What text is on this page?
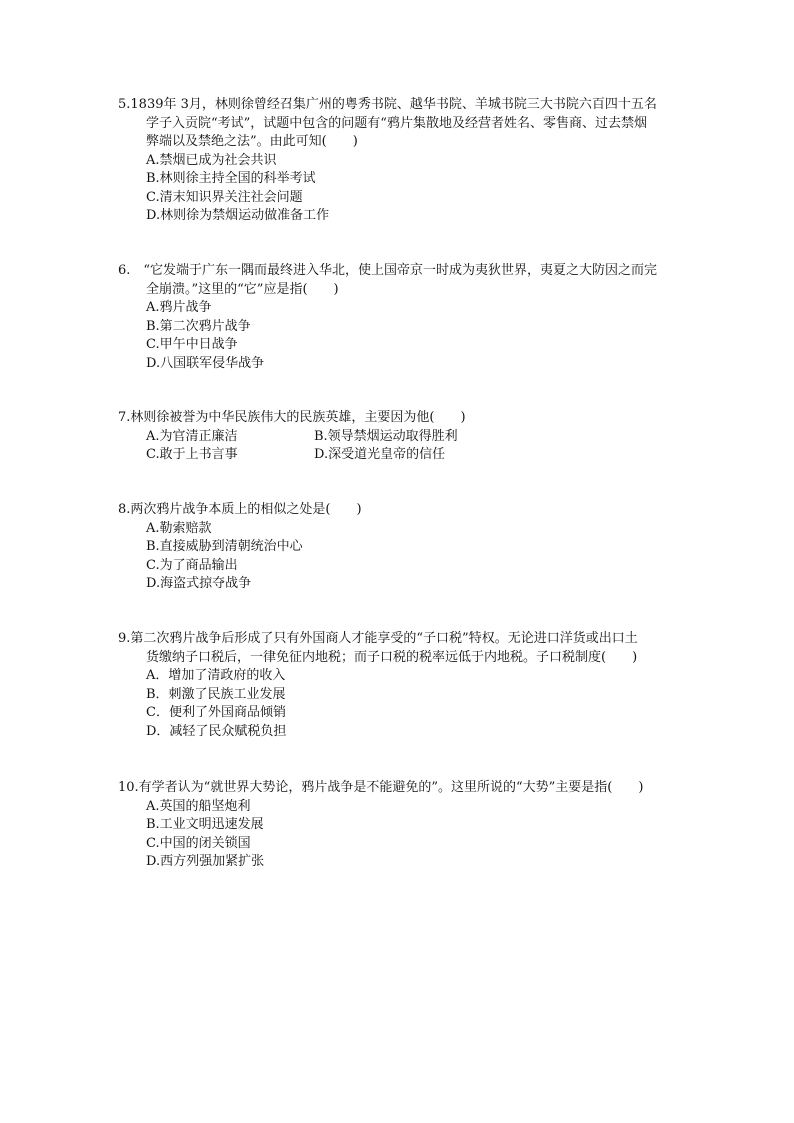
5.1839年 3月，林则徐曾经召集广州的粤秀书院、越华书院、羊城书院三大书院六百四十五名

学子入贡院“考试”，试题中包含的问题有“鸦片集散地及经营者姓名、零售商、过去禁烟

弊端以及禁绝之法”。由此可知(　　)

A.禁烟已成为社会共识

B.林则徐主持全国的科举考试

C.清末知识界关注社会问题

D.林则徐为禁烟运动做准备工作

6.　“它发端于广东一隅而最终进入华北，使上国帝京一时成为夷狄世界，夷夏之大防因之而完

全崩溃。”这里的“它”应是指(　　)

A.鸦片战争

B.第二次鸦片战争

C.甲午中日战争

D.八国联军侵华战争

7.林则徐被誉为中华民族伟大的民族英雄，主要因为他(　　)

A.为官清正廉洁	B.领导禁烟运动取得胜利
C.敢于上书言事	D.深受道光皇帝的信任

8.两次鸦片战争本质上的相似之处是(　　)

A.勒索赔款

B.直接威胁到清朝统治中心

C.为了商品输出

D.海盗式掠夺战争

9.第二次鸦片战争后形成了只有外国商人才能享受的“子口税”特权。无论进口洋货或出口土

货缴纳子口税后，一律免征内地税；而子口税的税率远低于内地税。子口税制度(　　)

A．增加了清政府的收入

B．刺激了民族工业发展

C．便利了外国商品倾销

D．减轻了民众赋税负担

10.有学者认为“就世界大势论，鸦片战争是不能避免的”。这里所说的“大势”主要是指(　　)

A.英国的船坚炮利

B.工业文明迅速发展

C.中国的闭关锁国

D.西方列强加紧扩张
